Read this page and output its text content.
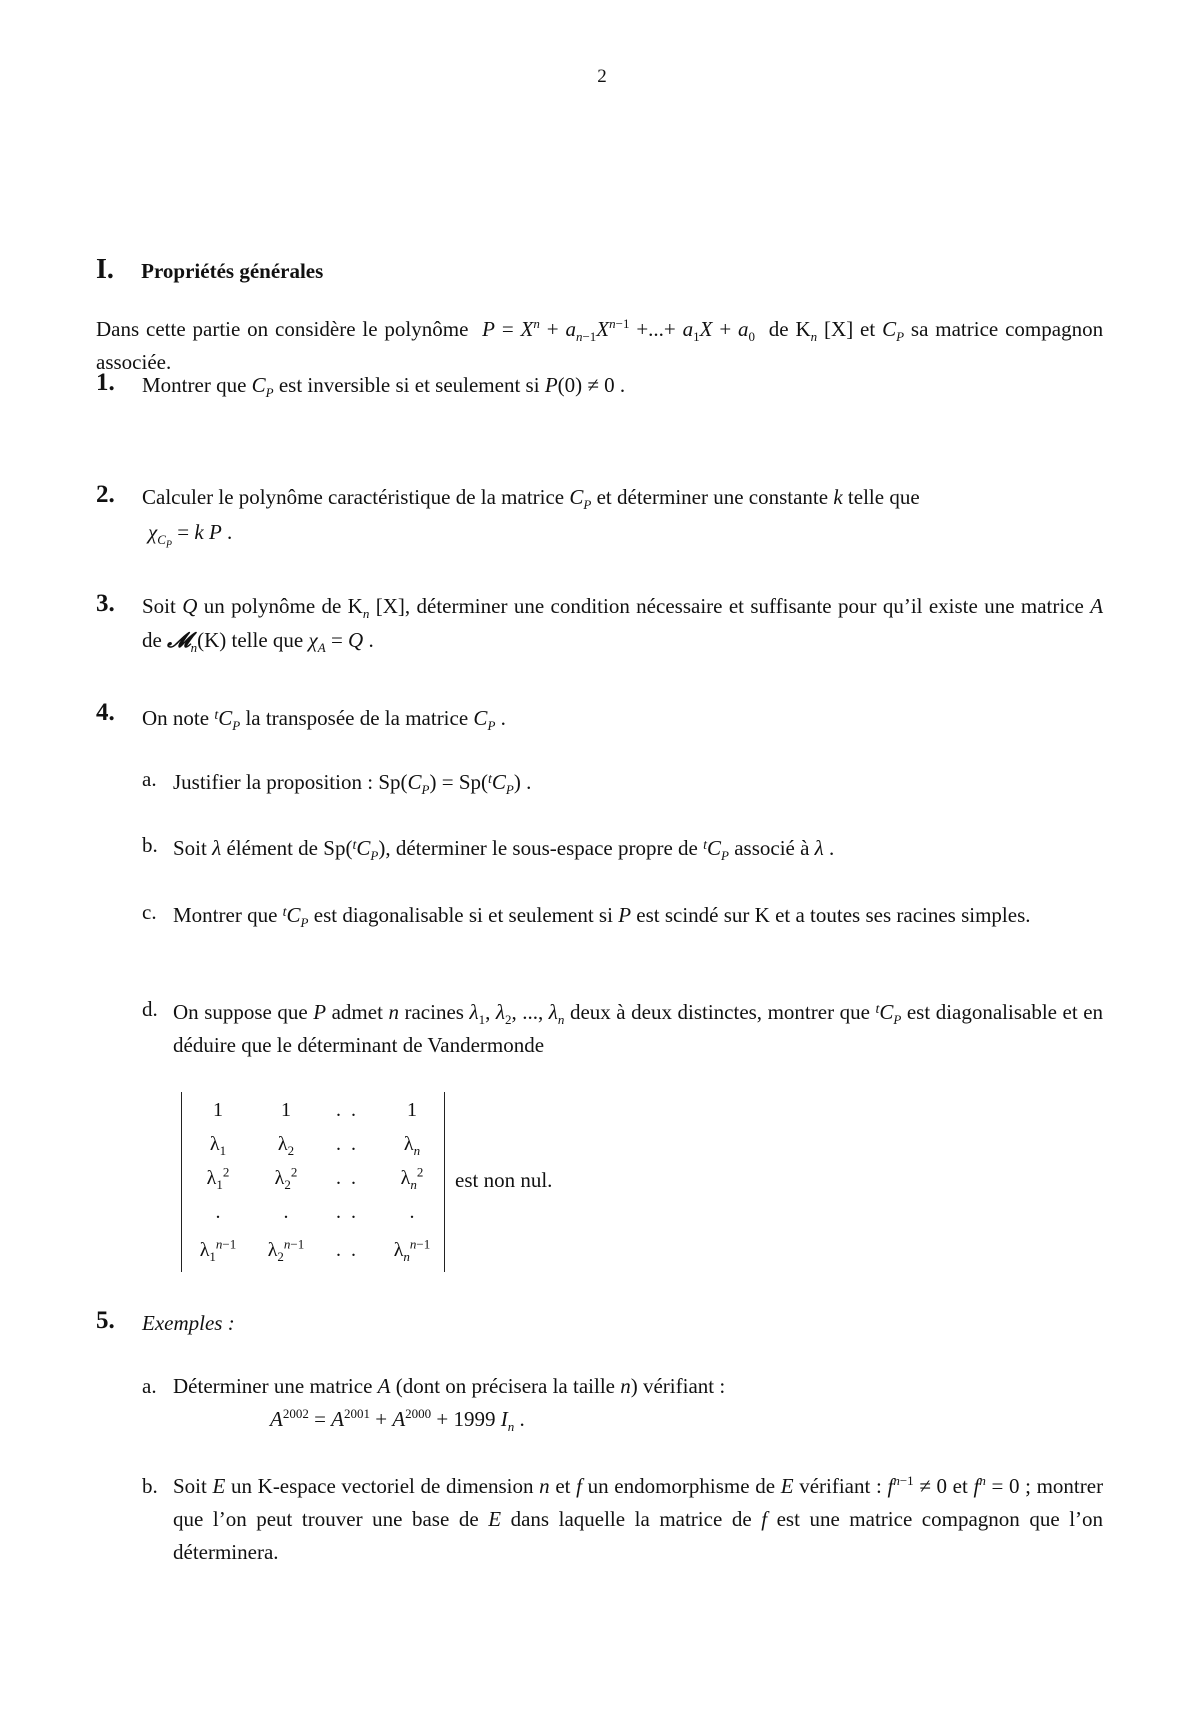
2
I. Propriétés générales
Dans cette partie on considère le polynôme $P = X^n + a_{n-1}X^{n-1}$ +...+ $a_1X + a_0$ de $K_n$ [X] et $C_P$ sa matrice compagnon associée.
1. Montrer que $C_P$ est inversible si et seulement si P(0) ≠ 0 .
2. Calculer le polynôme caractéristique de la matrice $C_P$ et déterminer une constante k telle que
$\chi_{C_P} = k$ P .
3. Soit Q un polynôme de $K_n$ [X], déterminer une condition nécessaire et suffisante pour qu’il existe une matrice A de 𝓜$_n$(K) telle que $\chi_A = Q$ .
4. On note $^tC_P$ la transposée de la matrice $C_P$ .
a. Justifier la proposition : $Sp(C_P) = Sp(^tC_P)$ .
b. Soit λ élément de $Sp(^tC_P)$, déterminer le sous-espace propre de $^tC_P$ associé à λ .
c. Montrer que $^tC_P$ est diagonalisable si et seulement si P est scindé sur K et a toutes ses racines simples.
d. On suppose que P admet n racines $\lambda_1$, $\lambda_2$, ..., $\lambda_n$ deux à deux distinctes, montrer que $^tC_P$ est diagonalisable et en déduire que le déterminant de Vandermonde
1	1	.  .	1
$\lambda_1$	$\lambda_2$	.  .	$\lambda_n$
$\lambda_1^2$	$\lambda_2^2$	.  .	$\lambda_n^2$
.	.	.  .	.
$\lambda_1^{n-1}$	$\lambda_2^{n-1}$	.  .	$\lambda_n^{n-1}$
est non nul.
5. Exemples :
a. Déterminer une matrice A (dont on précisera la taille n) vérifiant :
$A^{2002} = A^{2001} + A^{2000} + 1999$ $I_n$ .
b. Soit E un K-espace vectoriel de dimension n et f un endomorphisme de E vérifiant : $f^{n-1} \ne 0$ et $f^n = 0$ ; montrer que l’on peut trouver une base de E dans laquelle la matrice de f est une matrice compagnon que l’on déterminera.
